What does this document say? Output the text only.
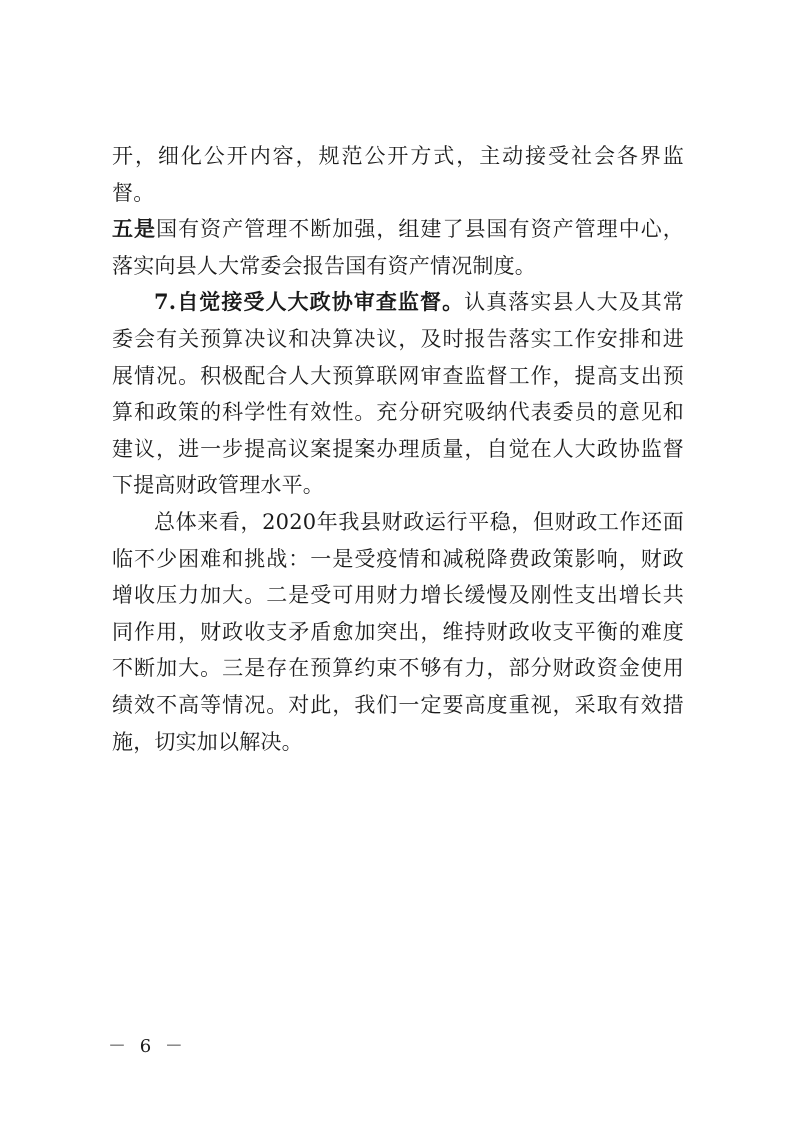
开，细化公开内容，规范公开方式，主动接受社会各界监督。

五是国有资产管理不断加强，组建了县国有资产管理中心，落实向县人大常委会报告国有资产情况制度。

7.自觉接受人大政协审查监督。认真落实县人大及其常委会有关预算决议和决算决议，及时报告落实工作安排和进展情况。积极配合人大预算联网审查监督工作，提高支出预算和政策的科学性有效性。充分研究吸纳代表委员的意见和建议，进一步提高议案提案办理质量，自觉在人大政协监督下提高财政管理水平。

总体来看，2020年我县财政运行平稳，但财政工作还面临不少困难和挑战：一是受疫情和减税降费政策影响，财政增收压力加大。二是受可用财力增长缓慢及刚性支出增长共同作用，财政收支矛盾愈加突出，维持财政收支平衡的难度不断加大。三是存在预算约束不够有力，部分财政资金使用绩效不高等情况。对此，我们一定要高度重视，采取有效措施，切实加以解决。

－ 6 －
